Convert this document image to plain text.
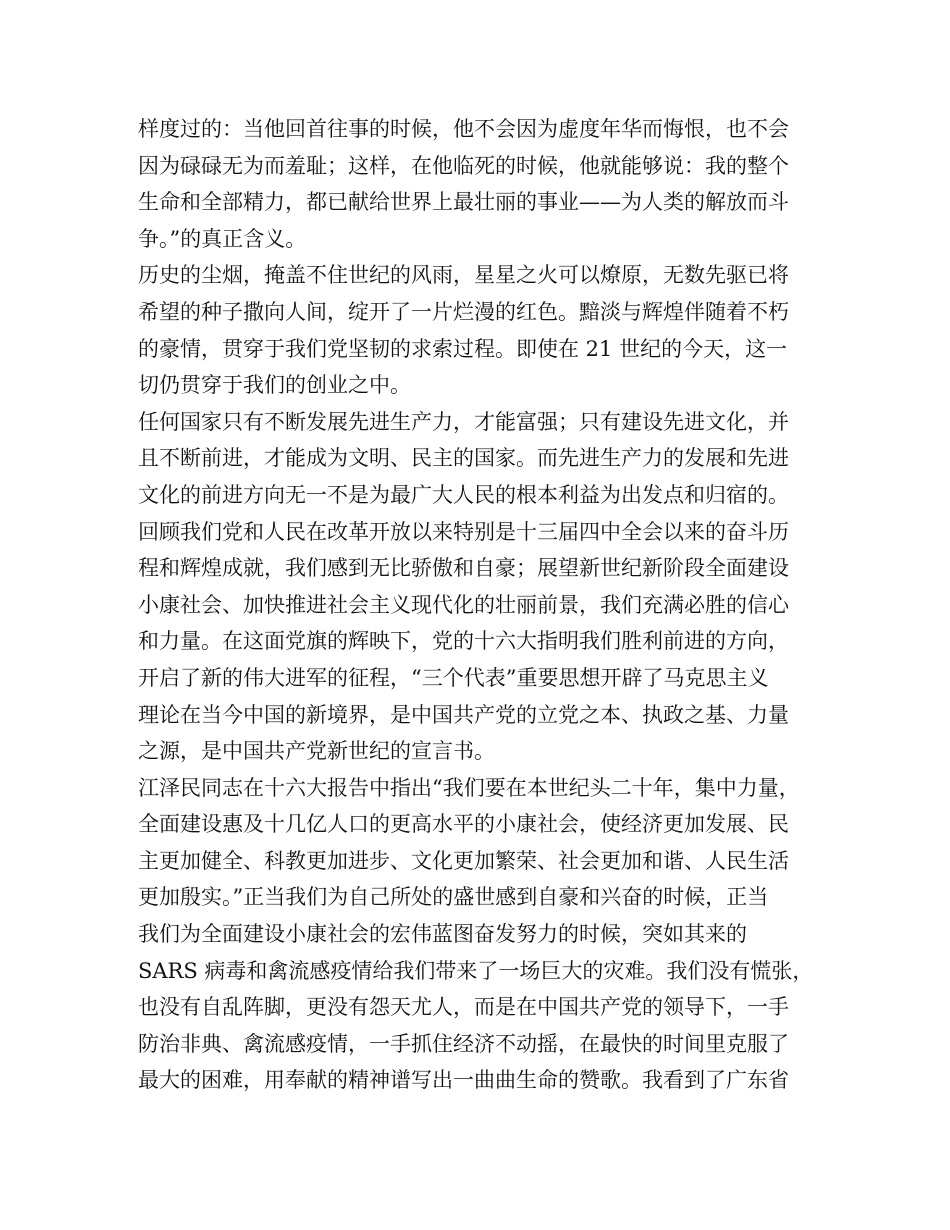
样度过的：当他回首往事的时候，他不会因为虚度年华而悔恨，也不会
因为碌碌无为而羞耻；这样，在他临死的时候，他就能够说：我的整个
生命和全部精力，都已献给世界上最壮丽的事业——为人类的解放而斗
争。”的真正含义。
历史的尘烟，掩盖不住世纪的风雨，星星之火可以燎原，无数先驱已将
希望的种子撒向人间，绽开了一片烂漫的红色。黯淡与辉煌伴随着不朽
的豪情，贯穿于我们党坚韧的求索过程。即使在 21 世纪的今天，这一
切仍贯穿于我们的创业之中。
任何国家只有不断发展先进生产力，才能富强；只有建设先进文化，并
且不断前进，才能成为文明、民主的国家。而先进生产力的发展和先进
文化的前进方向无一不是为最广大人民的根本利益为出发点和归宿的。
回顾我们党和人民在改革开放以来特别是十三届四中全会以来的奋斗历
程和辉煌成就，我们感到无比骄傲和自豪；展望新世纪新阶段全面建设
小康社会、加快推进社会主义现代化的壮丽前景，我们充满必胜的信心
和力量。在这面党旗的辉映下，党的十六大指明我们胜利前进的方向，
开启了新的伟大进军的征程，“三个代表”重要思想开辟了马克思主义
理论在当今中国的新境界，是中国共产党的立党之本、执政之基、力量
之源，是中国共产党新世纪的宣言书。
江泽民同志在十六大报告中指出“我们要在本世纪头二十年，集中力量，
全面建设惠及十几亿人口的更高水平的小康社会，使经济更加发展、民
主更加健全、科教更加进步、文化更加繁荣、社会更加和谐、人民生活
更加殷实。”正当我们为自己所处的盛世感到自豪和兴奋的时候，正当
我们为全面建设小康社会的宏伟蓝图奋发努力的时候，突如其来的
SARS 病毒和禽流感疫情给我们带来了一场巨大的灾难。我们没有慌张，
也没有自乱阵脚，更没有怨天尤人，而是在中国共产党的领导下，一手
防治非典、禽流感疫情，一手抓住经济不动摇，在最快的时间里克服了
最大的困难，用奉献的精神谱写出一曲曲生命的赞歌。我看到了广东省
